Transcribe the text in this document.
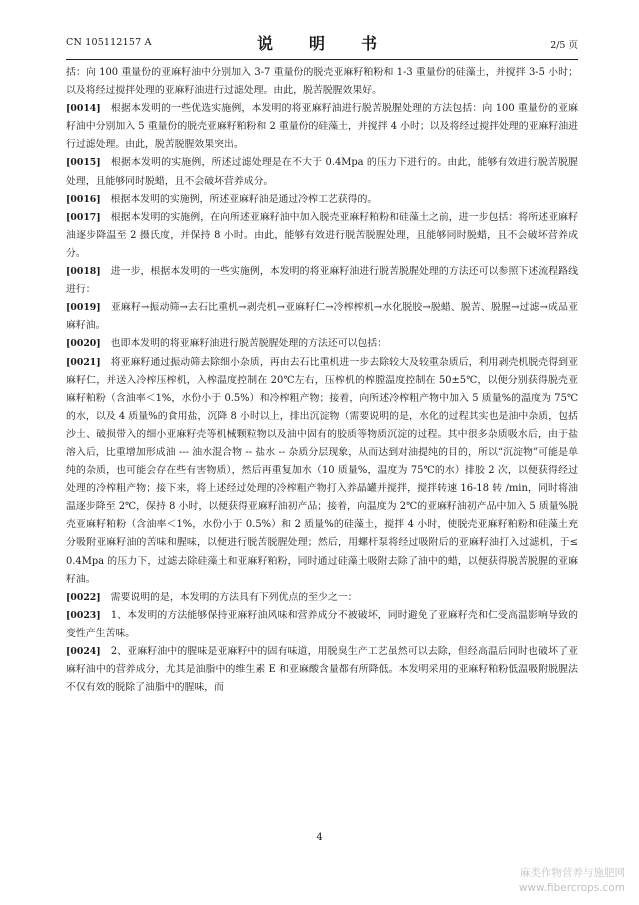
CN 105112157 A	说　明　书	2/5 页

括：向 100 重量份的亚麻籽油中分别加入 3-7 重量份的脱壳亚麻籽粕粉和 1-3 重量份的硅藻土，并搅拌 3-5 小时；以及将经过搅拌处理的亚麻籽油进行过滤处理。由此，脱苦脱腥效果好。

[0014]　 根据本发明的一些优选实施例，本发明的将亚麻籽油进行脱苦脱腥处理的方法包括：向 100 重量份的亚麻籽油中分别加入 5 重量份的脱壳亚麻籽粕粉和 2 重量份的硅藻土，并搅拌 4 小时；以及将经过搅拌处理的亚麻籽油进行过滤处理。由此，脱苦脱腥效果突出。

[0015]　 根据本发明的实施例，所述过滤处理是在不大于 0.4Mpa 的压力下进行的。由此，能够有效进行脱苦脱腥处理，且能够同时脱蜡，且不会破坏营养成分。

[0016]　 根据本发明的实施例，所述亚麻籽油是通过冷榨工艺获得的。

[0017]　 根据本发明的实施例，在向所述亚麻籽油中加入脱壳亚麻籽粕粉和硅藻土之前，进一步包括：将所述亚麻籽油逐步降温至 2 摄氏度，并保持 8 小时。由此，能够有效进行脱苦脱腥处理，且能够同时脱蜡，且不会破坏营养成分。

[0018]　 进一步，根据本发明的一些实施例，本发明的将亚麻籽油进行脱苦脱腥处理的方法还可以参照下述流程路线进行：

[0019]　 亚麻籽→振动筛→去石比重机→剥壳机→亚麻籽仁→冷榨榨机→水化脱胶→脱蜡、脱苦、脱腥→过滤→成品亚麻籽油。

[0020]　 也即本发明的将亚麻籽油进行脱苦脱腥处理的方法还可以包括：

[0021]　 将亚麻籽通过振动筛去除细小杂质，再由去石比重机进一步去除较大及较重杂质后，利用剥壳机脱壳得到亚麻籽仁，并送入冷榨压榨机，入榨温度控制在 20℃左右，压榨机的榨膛温度控制在 50±5℃，以便分别获得脱壳亚麻籽粕粉（含油率＜1%，水份小于 0.5%）和冷榨粗产物；接着，向所述冷榨粗产物中加入 5 质量%的温度为 75℃的水，以及 4 质量%的食用盐，沉降 8 小时以上，排出沉淀物（需要说明的是，水化的过程其实也是油中杂质，包括沙土、破损带入的细小亚麻籽壳等机械颗粒物以及油中固有的胶质等物质沉淀的过程。其中很多杂质吸水后，由于盐溶入后，比重增加形成油 --- 油水混合物 -- 盐水 -- 杂质分层现象，从而达到对油提纯的目的，所以“沉淀物”可能是单纯的杂质，也可能会存在些有害物质），然后再重复加水（10 质量%，温度为 75℃的水）排胶 2 次，以便获得经过处理的冷榨粗产物；接下来，将上述经过处理的冷榨粗产物打入养晶罐并搅拌，搅拌转速 16-18 转 /min，同时将油温逐步降至 2℃，保持 8 小时，以便获得亚麻籽油初产品；接着，向温度为 2℃的亚麻籽油初产品中加入 5 质量%脱壳亚麻籽粕粉（含油率＜1%，水份小于 0.5%）和 2 质量%的硅藻土，搅拌 4 小时，使脱壳亚麻籽粕粉和硅藻土充分吸附亚麻籽油的苦味和腥味，以便进行脱苦脱腥处理；然后，用螺杆泵将经过吸附后的亚麻籽油打入过滤机，于≤ 0.4Mpa 的压力下，过滤去除硅藻土和亚麻籽粕粉，同时通过硅藻土吸附去除了油中的蜡，以便获得脱苦脱腥的亚麻籽油。

[0022]　 需要说明的是，本发明的方法具有下列优点的至少之一：

[0023]　 1、本发明的方法能够保持亚麻籽油风味和营养成分不被破坏，同时避免了亚麻籽壳和仁受高温影响导致的变性产生苦味。

[0024]　 2、亚麻籽油中的腥味是亚麻籽中的固有味道，用脱臭生产工艺虽然可以去除，但经高温后同时也破坏了亚麻籽油中的营养成分，尤其是油脂中的维生素 E 和亚麻酸含量都有所降低。本发明采用的亚麻籽粕粉低温吸附脱腥法不仅有效的脱除了油脂中的腥味，而

4
麻类作物营养与施肥网
www.fibercrops.com
